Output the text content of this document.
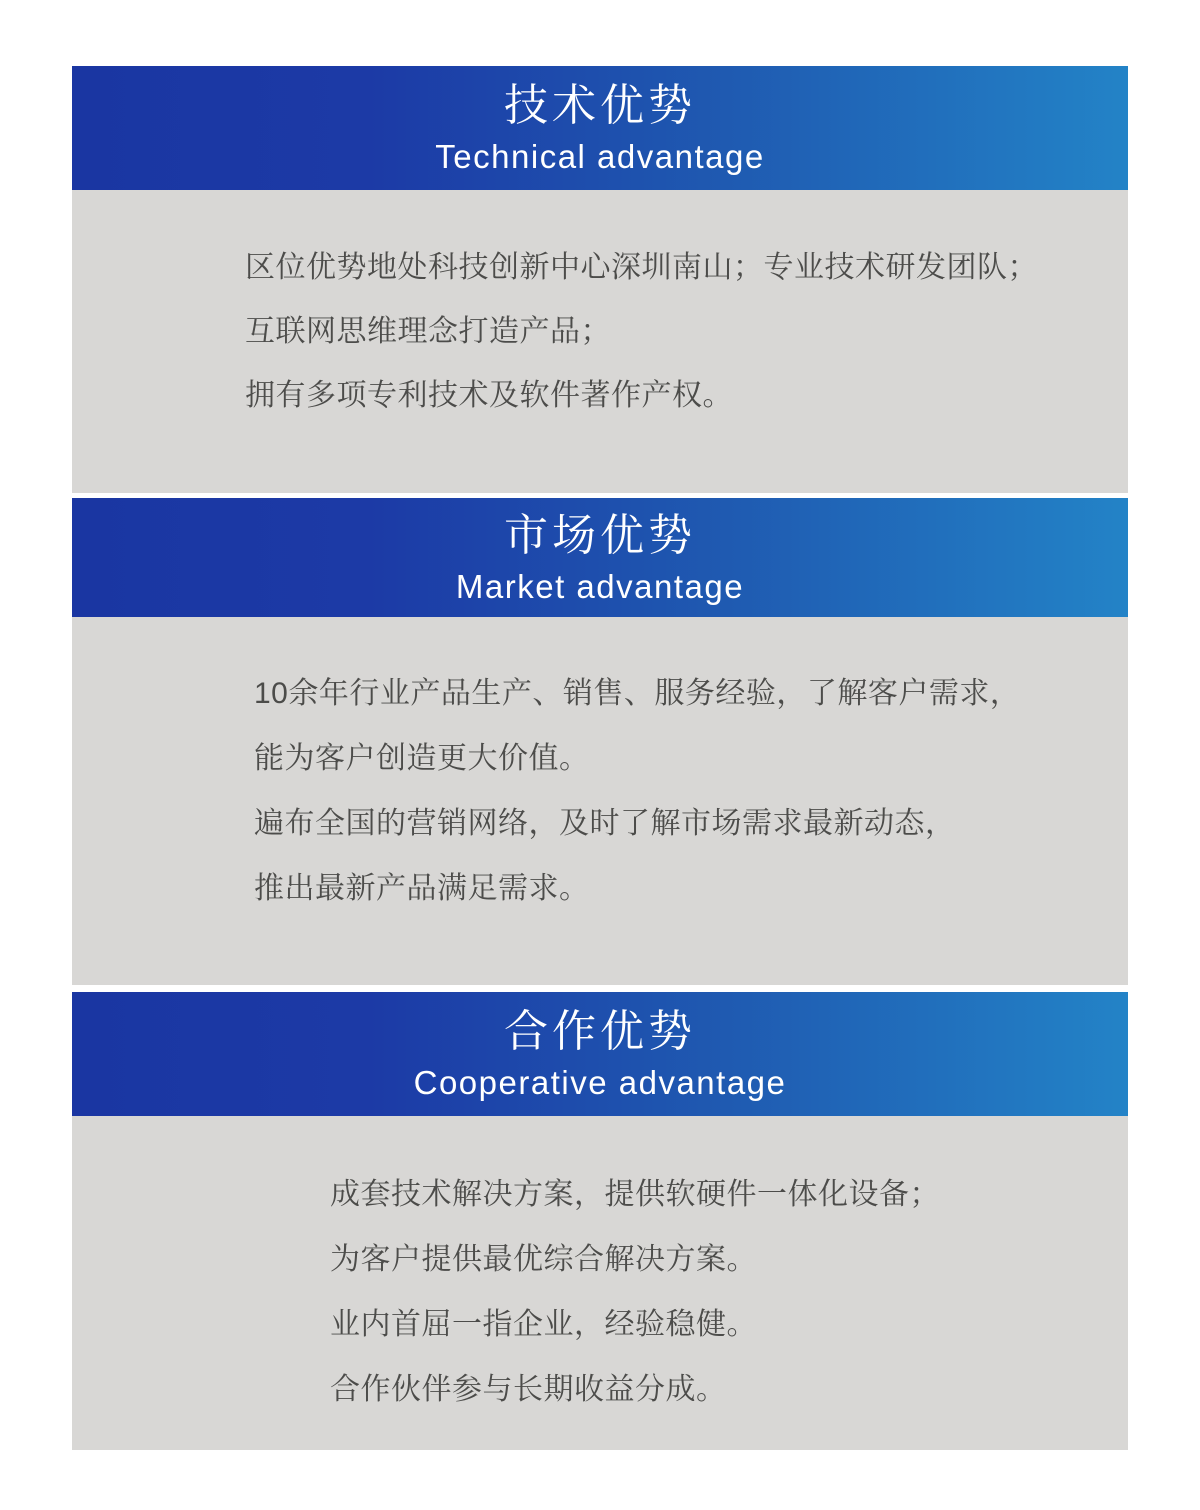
技术优势
Technical advantage

区位优势地处科技创新中心深圳南山；专业技术研发团队；

互联网思维理念打造产品；

拥有多项专利技术及软件著作产权。

市场优势
Market advantage

10余年行业产品生产、销售、服务经验，了解客户需求，

能为客户创造更大价值。

遍布全国的营销网络，及时了解市场需求最新动态，

推出最新产品满足需求。

合作优势
Cooperative advantage

成套技术解决方案，提供软硬件一体化设备；

为客户提供最优综合解决方案。

业内首屈一指企业，经验稳健。

合作伙伴参与长期收益分成。
